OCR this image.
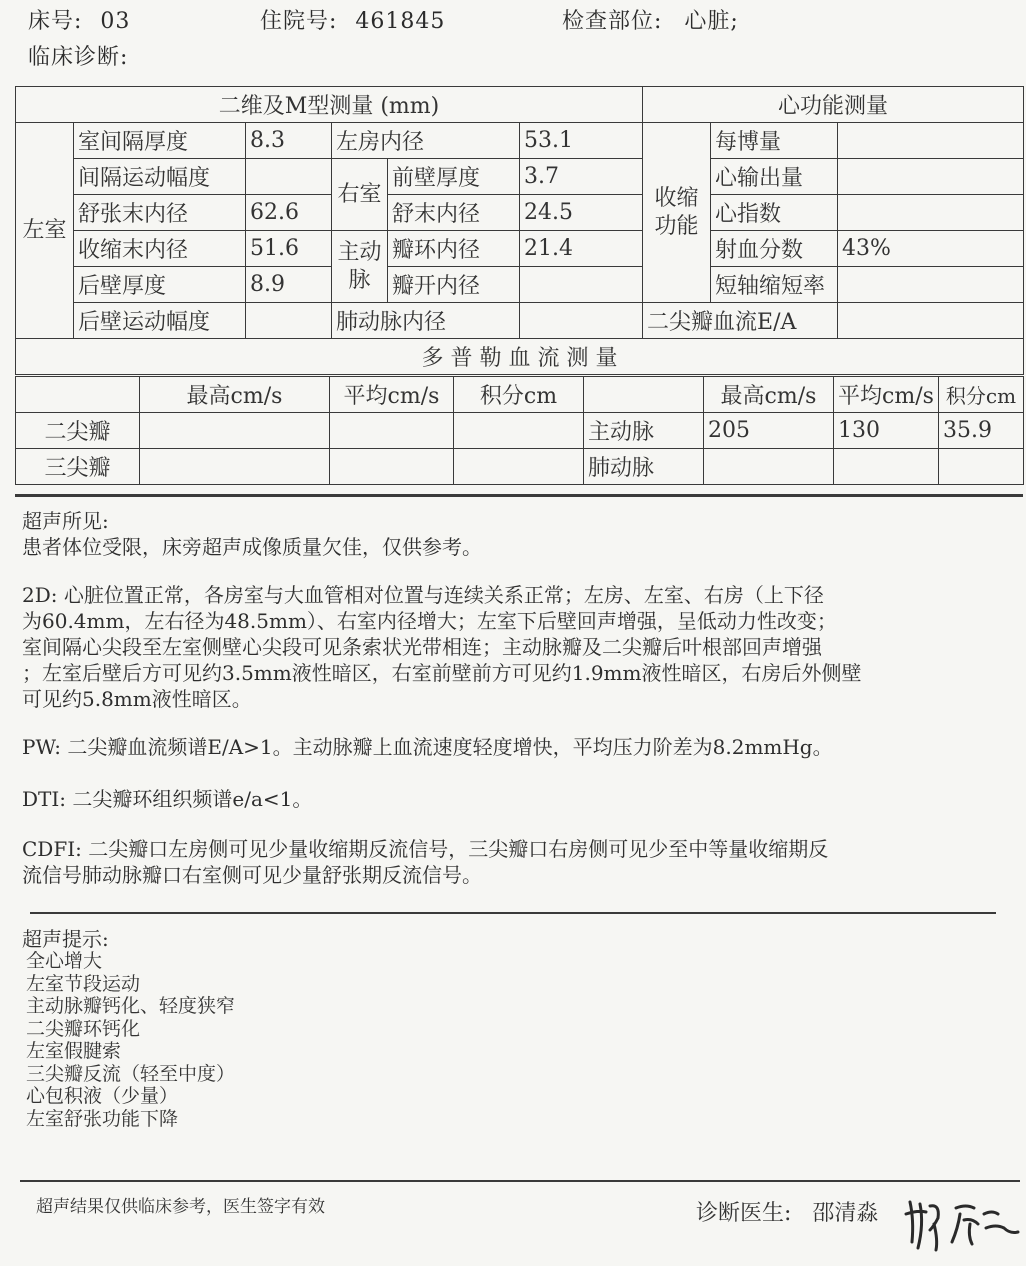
床号: 03	住院号: 461845	检查部位: 心脏;
临床诊断:
二维及M型测量 (mm)						心功能测量		
左室	室间隔厚度	8.3	左房内径		53.1	收缩功能	每博量	
	间隔运动幅度		右室	前壁厚度	3.7		心输出量	
	舒张末内径	62.6		舒末内径	24.5		心指数	
	收缩末内径	51.6	主动脉	瓣环内径	21.4		射血分数	43%
	后壁厚度	8.9		瓣开内径			短轴缩短率	
	后壁运动幅度		肺动脉内径			二尖瓣血流E/A		
多 普 勒 血 流 测 量								
	最高cm/s	平均cm/s	积分cm		最高cm/s	平均cm/s	积分cm
二尖瓣				主动脉	205	130	35.9
三尖瓣				肺动脉			
超声所见:
患者体位受限，床旁超声成像质量欠佳，仅供参考。
2D: 心脏位置正常，各房室与大血管相对位置与连续关系正常；左房、左室、右房（上下径
为60.4mm，左右径为48.5mm）、右室内径增大；左室下后壁回声增强，呈低动力性改变；
室间隔心尖段至左室侧壁心尖段可见条索状光带相连；主动脉瓣及二尖瓣后叶根部回声增强
；左室后壁后方可见约3.5mm液性暗区，右室前壁前方可见约1.9mm液性暗区，右房后外侧壁
可见约5.8mm液性暗区。
PW: 二尖瓣血流频谱E/A>1。主动脉瓣上血流速度轻度增快，平均压力阶差为8.2mmHg。
DTI: 二尖瓣环组织频谱e/a<1。
CDFI: 二尖瓣口左房侧可见少量收缩期反流信号，三尖瓣口右房侧可见少至中等量收缩期反
流信号肺动脉瓣口右室侧可见少量舒张期反流信号。
超声提示:
全心增大
左室节段运动
主动脉瓣钙化、轻度狭窄
二尖瓣环钙化
左室假腱索
三尖瓣反流（轻至中度）
心包积液（少量）
左室舒张功能下降
超声结果仅供临床参考，医生签字有效	诊断医生: 邵清淼
